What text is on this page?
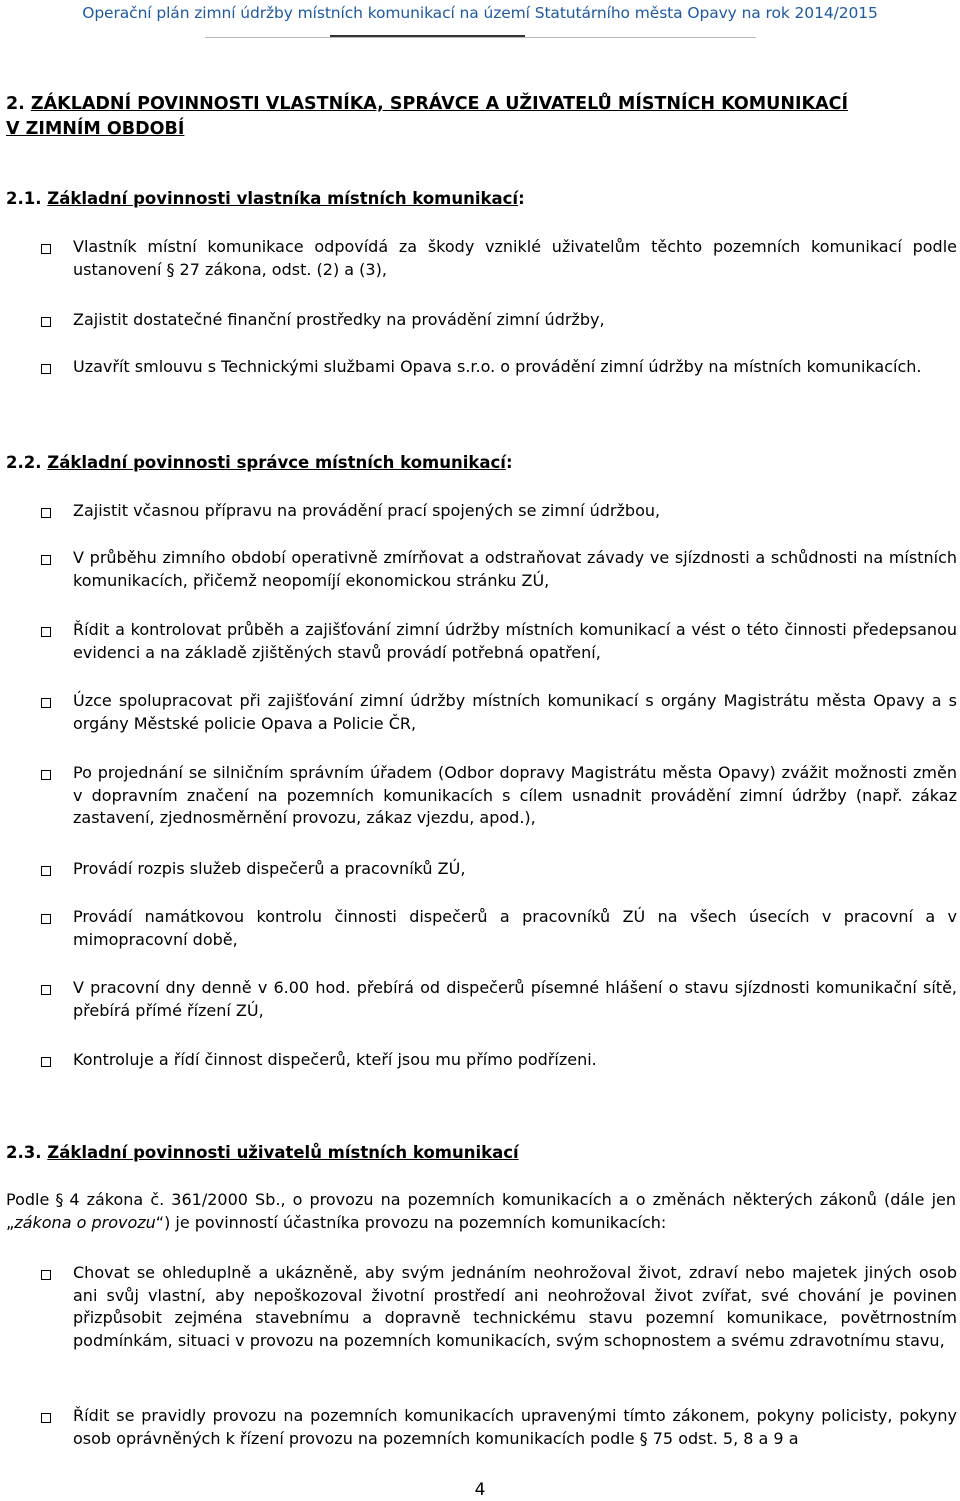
Operační plán zimní údržby místních komunikací na území Statutárního města Opavy na rok 2014/2015
2. ZÁKLADNÍ POVINNOSTI VLASTNÍKA, SPRÁVCE A UŽIVATELŮ MÍSTNÍCH KOMUNIKACÍ
V ZIMNÍM OBDOBÍ
2.1. Základní povinnosti vlastníka místních komunikací:
Vlastník místní komunikace odpovídá za škody vzniklé uživatelům těchto pozemních komunikací podle ustanovení § 27 zákona, odst. (2) a (3),
Zajistit dostatečné finanční prostředky na provádění zimní údržby,
Uzavřít smlouvu s Technickými službami Opava s.r.o. o provádění zimní údržby na místních komunikacích.
2.2. Základní povinnosti správce místních komunikací:
Zajistit včasnou přípravu na provádění prací spojených se zimní údržbou,
V průběhu zimního období operativně zmírňovat a odstraňovat závady ve sjízdnosti a schůdnosti na místních komunikacích, přičemž neopomíjí ekonomickou stránku ZÚ,
Řídit a kontrolovat průběh a zajišťování zimní údržby místních komunikací a vést o této činnosti předepsanou evidenci a na základě zjištěných stavů provádí potřebná opatření,
Úzce spolupracovat při zajišťování zimní údržby místních komunikací s orgány Magistrátu města Opavy a s orgány Městské policie Opava a Policie ČR,
Po projednání se silničním správním úřadem (Odbor dopravy Magistrátu města Opavy) zvážit možnosti změn v dopravním značení na pozemních komunikacích s cílem usnadnit provádění zimní údržby (např. zákaz zastavení, zjednosměrnění provozu, zákaz vjezdu, apod.),
Provádí rozpis služeb dispečerů a pracovníků ZÚ,
Provádí namátkovou kontrolu činnosti dispečerů a pracovníků ZÚ na všech úsecích v pracovní a v mimopracovní době,
V pracovní dny denně v 6.00 hod. přebírá od dispečerů písemné hlášení o stavu sjízdnosti komunikační sítě, přebírá přímé řízení ZÚ,
Kontroluje a řídí činnost dispečerů, kteří jsou mu přímo podřízeni.
2.3. Základní povinnosti uživatelů místních komunikací
Podle § 4 zákona č. 361/2000 Sb., o provozu na pozemních komunikacích a o změnách některých zákonů (dále jen „zákona o provozu“) je povinností účastníka provozu na pozemních komunikacích:
Chovat se ohleduplně a ukázněně, aby svým jednáním neohrožoval život, zdraví nebo majetek jiných osob ani svůj vlastní, aby nepoškozoval životní prostředí ani neohrožoval život zvířat, své chování je povinen přizpůsobit zejména stavebnímu a dopravně technickému stavu pozemní komunikace, povětrnostním podmínkám, situaci v provozu na pozemních komunikacích, svým schopnostem a svému zdravotnímu stavu,
Řídit se pravidly provozu na pozemních komunikacích upravenými tímto zákonem, pokyny policisty, pokyny osob oprávněných k řízení provozu na pozemních komunikacích podle § 75 odst. 5, 8 a 9 a
4
